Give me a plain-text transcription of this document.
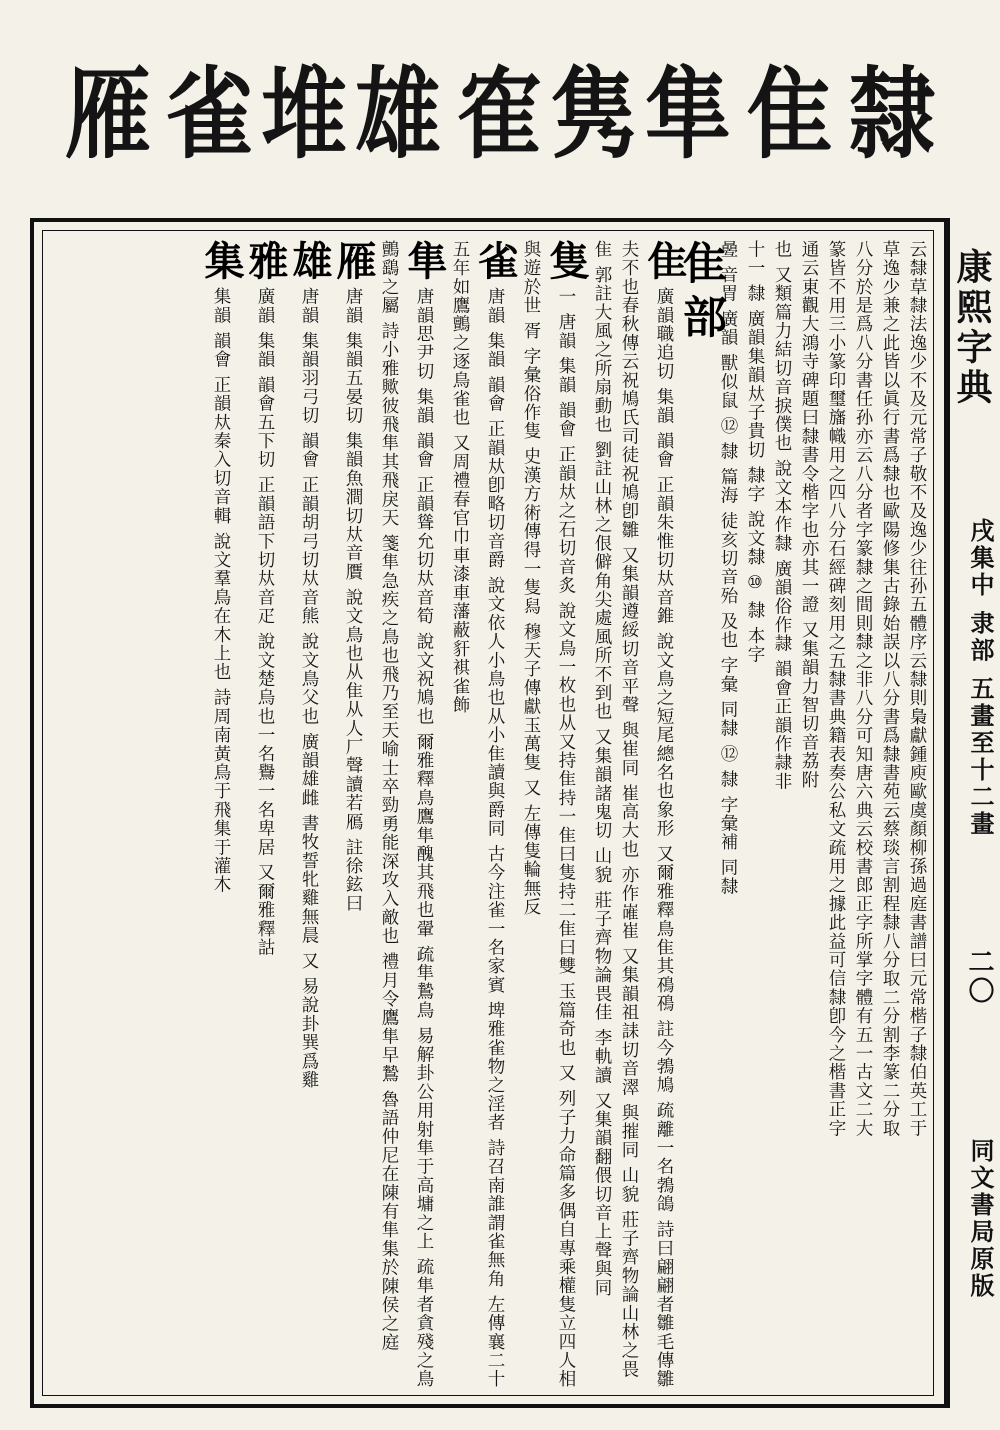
隸
隹
隼
隽
隺
雄
堆
雀
雁
康熙字典
戌集中 隶部 五畫至十二畫
二〇
同文書局原版
云隸草隸法逸少不及元常子敬不及逸少往孙五體序云隸則梟獻鍾庾歐虞顏柳孫過庭書譜曰元常楷子隸伯英工于
草逸少兼之此皆以眞行書爲隸也歐陽修集古錄始誤以八分書爲隸書苑云蔡琰言割程隸八分取二分割李篆二分取
八分於是爲八分書任孙亦云八分者字篆隸之間則隸之非八分可知唐六典云校書郎正字所掌字體有五一古文二大
篆皆不用三小篆印璽旛幟用之四八分石經碑刻用之五隸書典籍表奏公私文疏用之據此益可信隸卽今之楷書正字
通云東觀大鴻寺碑題曰隸書令楷字也亦其一證 又集韻力智切音荔附
也 又類篇力結切音捩僕也 說文本作隸 廣韻俗作隷 韻會正韻作隷非
十一 隸 廣韻集韻夶子貴切 隸字 說文隸 ⑩ 隸 本字
㬪 音胃 廣韻 獸似鼠 ⑫ 隸 篇海 徒亥切音殆 及也 字彙 同隸 ⑫ 隸 字彙補 同隸
隹部
隹廣韻職追切 集韻 韻會 正韻朱惟切夶音錐 說文鳥之短尾總名也象形 又爾雅釋鳥隹其鴀鴀 註今鵓鳩 疏離一名鵓鴿 詩曰翩翩者雛毛傳雛夫不也春秋傳云祝鳩氏司徒祝鳩卽雛 又集韻遵綏切音平聲 與崔同 崔高大也 亦作嶉崔 又集韻祖誄切音濢 與摧同 山貌 莊子齊物論山林之畏隹 郭註大風之所扇動也 劉註山林之佷僻角尖處風所不到也 又集韻諸鬼切 山貌 莊子齊物論畏佳 李軌讀 又集韻翻偎切音上聲與同
隻一 唐韻 集韻 韻會 正韻夶之石切音炙 說文鳥一枚也从又持隹持一隹曰隻持二隹曰雙 玉篇奇也 又 列子力命篇多偶自專乘權隻立四人相與遊於世 胥 字彙俗作隻 史漢方術傳得一隻舄 穆天子傳獻玉萬隻 又 左傳隻輪無反
雀唐韻 集韻 韻會 正韻夶卽略切音爵 說文依人小鳥也从小隹讀與爵同 古今注雀一名家賓 埤雅雀物之淫者 詩召南誰謂雀無角 左傳襄二十五年如鷹鸇之逐鳥雀也 又周禮春官巾車漆車藩蔽豻褀雀飾
隼唐韻思尹切 集韻 韻會 正韻聳允切夶音筍 說文祝鳩也 爾雅釋鳥鷹隼醜其飛也翬 疏隼鷙鳥 易解卦公用射隼于高墉之上 疏隼者貪殘之鳥鸇鷂之屬 詩小雅歟彼飛隼其飛戾天 箋隼急疾之鳥也飛乃至天喻士卒勁勇能深攻入敵也 禮月令鷹隼早鷙 魯語仲尼在陳有隼集於陳侯之庭
雁唐韻 集韻五晏切 集韻魚澗切夶音贋 說文鳥也从隹从人厂聲讀若鴈 註徐鉉曰
雄唐韻 集韻羽弓切 韻會 正韻胡弓切夶音熊 說文鳥父也 廣韻雄雌 書牧誓牝雞無晨 又 易說卦巽爲雞
雅廣韻 集韻 韻會五下切 正韻語下切夶音疋 說文楚烏也一名鸒一名卑居 又爾雅釋詁
集集韻 韻會 正韻夶秦入切音輯 說文羣鳥在木上也 詩周南黃鳥于飛集于灌木
